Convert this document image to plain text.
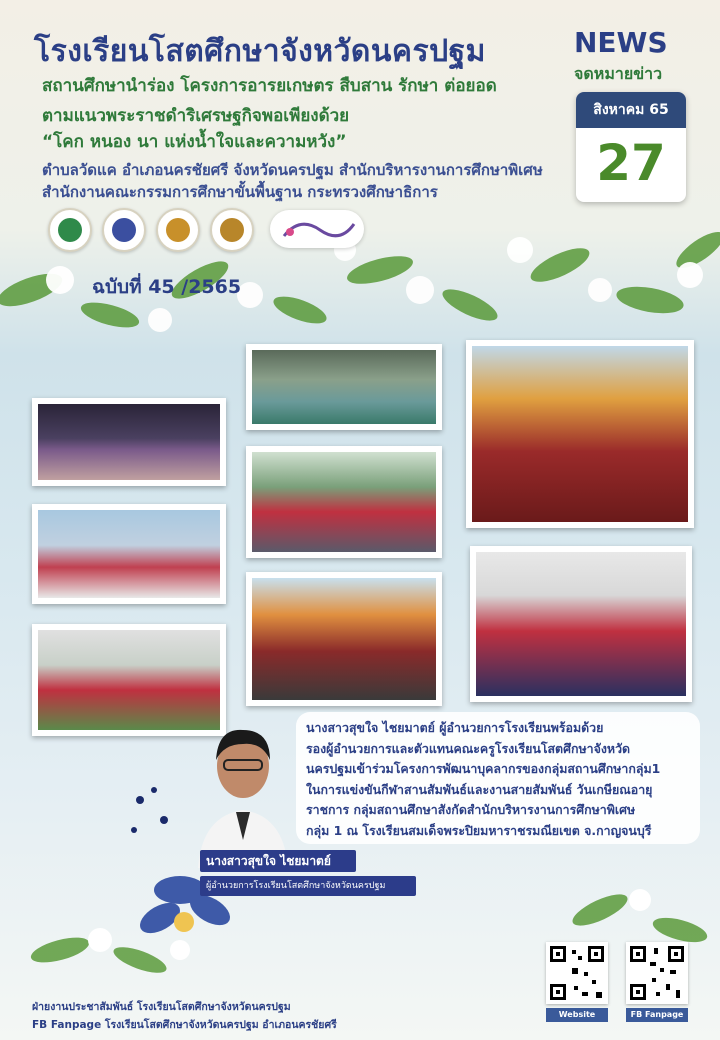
โรงเรียนโสตศึกษาจังหวัดนครปฐม
สถานศึกษานำร่อง โครงการอารยเกษตร สืบสาน รักษา ต่อยอด
ตามแนวพระราชดำริเศรษฐกิจพอเพียงด้วย
“โคก หนอง นา แห่งน้ำใจและความหวัง”
ตำบลวัดแค อำเภอนครชัยศรี จังหวัดนครปฐม สำนักบริหารงานการศึกษาพิเศษ
สำนักงานคณะกรรมการศึกษาขั้นพื้นฐาน กระทรวงศึกษาธิการ
NEWS
จดหมายข่าว
สิงหาคม 65
27
ฉบับที่ 45 /2565
นางสาวสุขใจ ไชยมาตย์
ผู้อำนวยการโรงเรียนโสตศึกษาจังหวัดนครปฐม

นางสาวสุขใจ ไชยมาตย์ ผู้อำนวยการโรงเรียนพร้อมด้วย

รองผู้อำนวยการและตัวแทนคณะครูโรงเรียนโสตศึกษาจังหวัด

นครปฐมเข้าร่วมโครงการพัฒนาบุคลากรของกลุ่มสถานศึกษากลุ่ม1

ในการแข่งขันกีฬาสานสัมพันธ์และงานสายสัมพันธ์ วันเกษียณอายุ

ราชการ กลุ่มสถานศึกษาสังกัดสำนักบริหารงานการศึกษาพิเศษ

กลุ่ม 1 ณ โรงเรียนสมเด็จพระปิยมหาราชรมณียเขต จ.กาญจนบุรี

ฝ่ายงานประชาสัมพันธ์ โรงเรียนโสตศึกษาจังหวัดนครปฐม
FB Fanpage โรงเรียนโสตศึกษาจังหวัดนครปฐม อำเภอนครชัยศรี
Website	FB Fanpage
